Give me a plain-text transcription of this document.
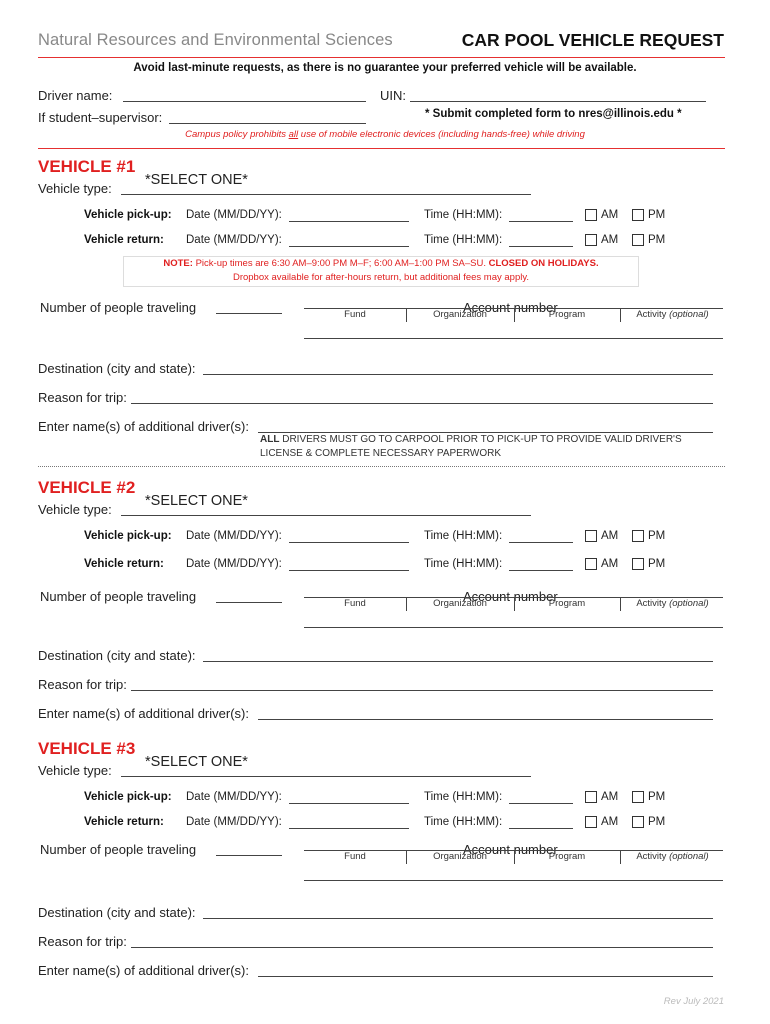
Natural Resources and Environmental Sciences	CAR POOL VEHICLE REQUEST
Avoid last-minute requests, as there is no guarantee your preferred vehicle will be available.
Driver name:	UIN:
If student–supervisor:	* Submit completed form to nres@illinois.edu *
Campus policy prohibits all use of mobile electronic devices (including hands-free) while driving
VEHICLE #1
Vehicle type:
*SELECT ONE*
Vehicle pick-up: Date (MM/DD/YY):	Time (HH:MM):	AM	PM
Vehicle return: Date (MM/DD/YY):	Time (HH:MM):	AM	PM
NOTE: Pick-up times are 6:30 AM–9:00 PM M–F; 6:00 AM–1:00 PM SA–SU. CLOSED ON HOLIDAYS.
Dropbox available for after-hours return, but additional fees may apply.
Number of people traveling	Account number
Fund	Organization	Program	Activity (optional)
Destination (city and state):
Reason for trip:
Enter name(s) of additional driver(s):
ALL DRIVERS MUST GO TO CARPOOL PRIOR TO PICK-UP TO PROVIDE VALID DRIVER'S
LICENSE & COMPLETE NECESSARY PAPERWORK
VEHICLE #2
Vehicle type:
*SELECT ONE*
Vehicle pick-up: Date (MM/DD/YY):	Time (HH:MM):	AM	PM
Vehicle return: Date (MM/DD/YY):	Time (HH:MM):	AM	PM
Number of people traveling	Account number
Fund	Organization	Program	Activity (optional)
Destination (city and state):
Reason for trip:
Enter name(s) of additional driver(s):
VEHICLE #3
Vehicle type:
*SELECT ONE*
Vehicle pick-up: Date (MM/DD/YY):	Time (HH:MM):	AM	PM
Vehicle return: Date (MM/DD/YY):	Time (HH:MM):	AM	PM
Number of people traveling	Account number
Fund	Organization	Program	Activity (optional)
Destination (city and state):
Reason for trip:
Enter name(s) of additional driver(s):
Rev July 2021
